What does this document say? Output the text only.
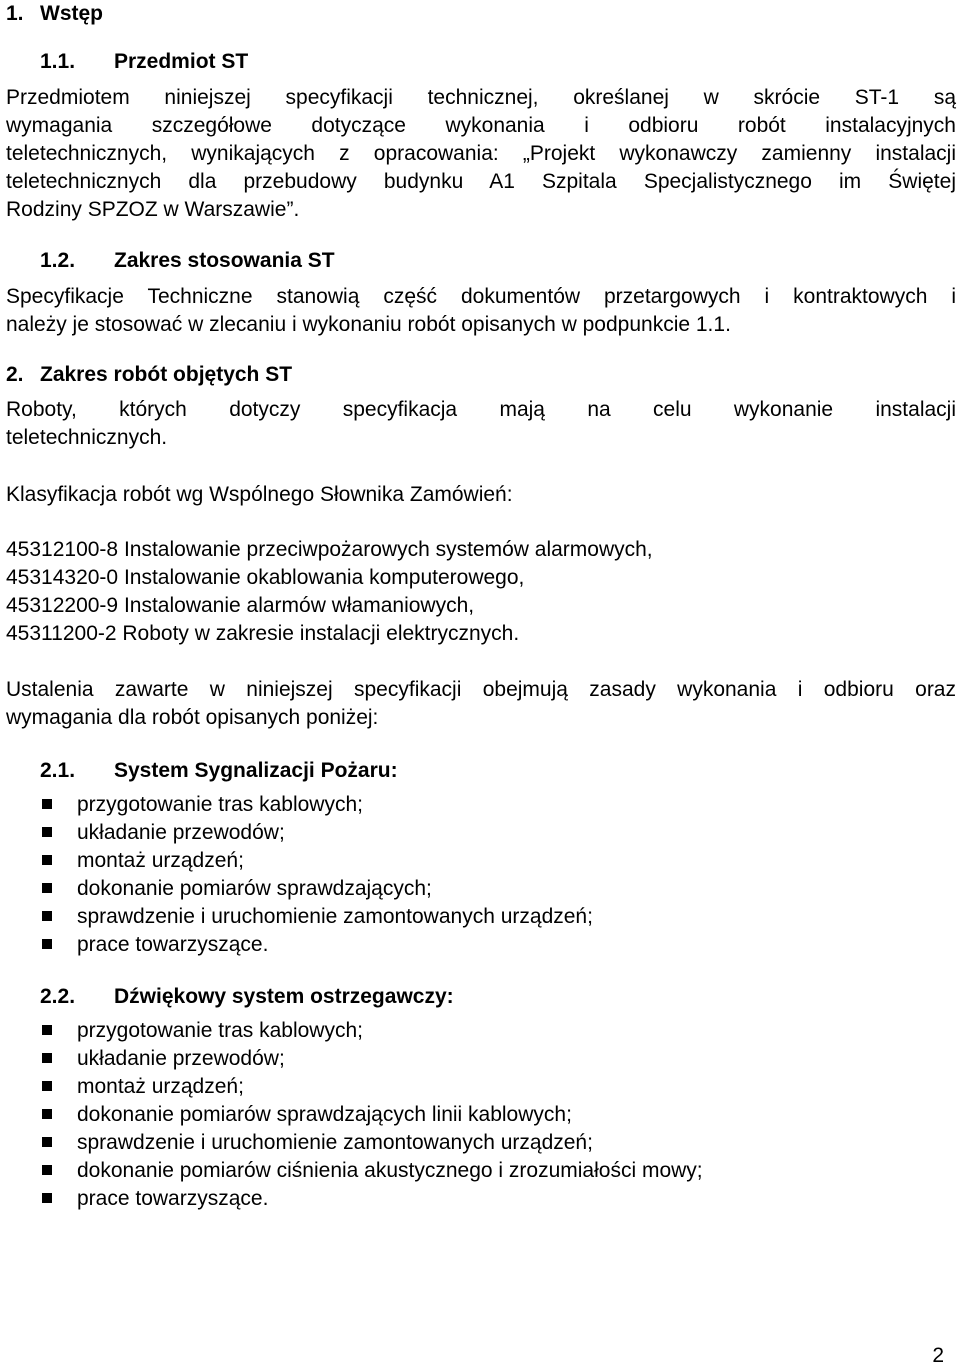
1. Wstęp
1.1. Przedmiot ST
Przedmiotem niniejszej specyfikacji technicznej, określanej w skrócie ST-1 są
wymagania szczegółowe dotyczące wykonania i odbioru robót instalacyjnych
teletechnicznych, wynikających z opracowania: „Projekt wykonawczy zamienny instalacji
teletechnicznych dla przebudowy budynku A1 Szpitala Specjalistycznego im Świętej
Rodziny SPZOZ w Warszawie”.
1.2. Zakres stosowania ST
Specyfikacje Techniczne stanowią część dokumentów przetargowych i kontraktowych i
należy je stosować w zlecaniu i wykonaniu robót opisanych w podpunkcie 1.1.
2. Zakres robót objętych ST
Roboty, których dotyczy specyfikacja mają na celu wykonanie instalacji
teletechnicznych.
Klasyfikacja robót wg Wspólnego Słownika Zamówień:
45312100-8 Instalowanie przeciwpożarowych systemów alarmowych,
45314320-0 Instalowanie okablowania komputerowego,
45312200-9 Instalowanie alarmów włamaniowych,
45311200-2 Roboty w zakresie instalacji elektrycznych.
Ustalenia zawarte w niniejszej specyfikacji obejmują zasady wykonania i odbioru oraz
wymagania dla robót opisanych poniżej:
2.1. System Sygnalizacji Pożaru:
przygotowanie tras kablowych;
układanie przewodów;
montaż urządzeń;
dokonanie pomiarów sprawdzających;
sprawdzenie i uruchomienie zamontowanych urządzeń;
prace towarzyszące.
2.2. Dźwiękowy system ostrzegawczy:
przygotowanie tras kablowych;
układanie przewodów;
montaż urządzeń;
dokonanie pomiarów sprawdzających linii kablowych;
sprawdzenie i uruchomienie zamontowanych urządzeń;
dokonanie pomiarów ciśnienia akustycznego i zrozumiałości mowy;
prace towarzyszące.
2
